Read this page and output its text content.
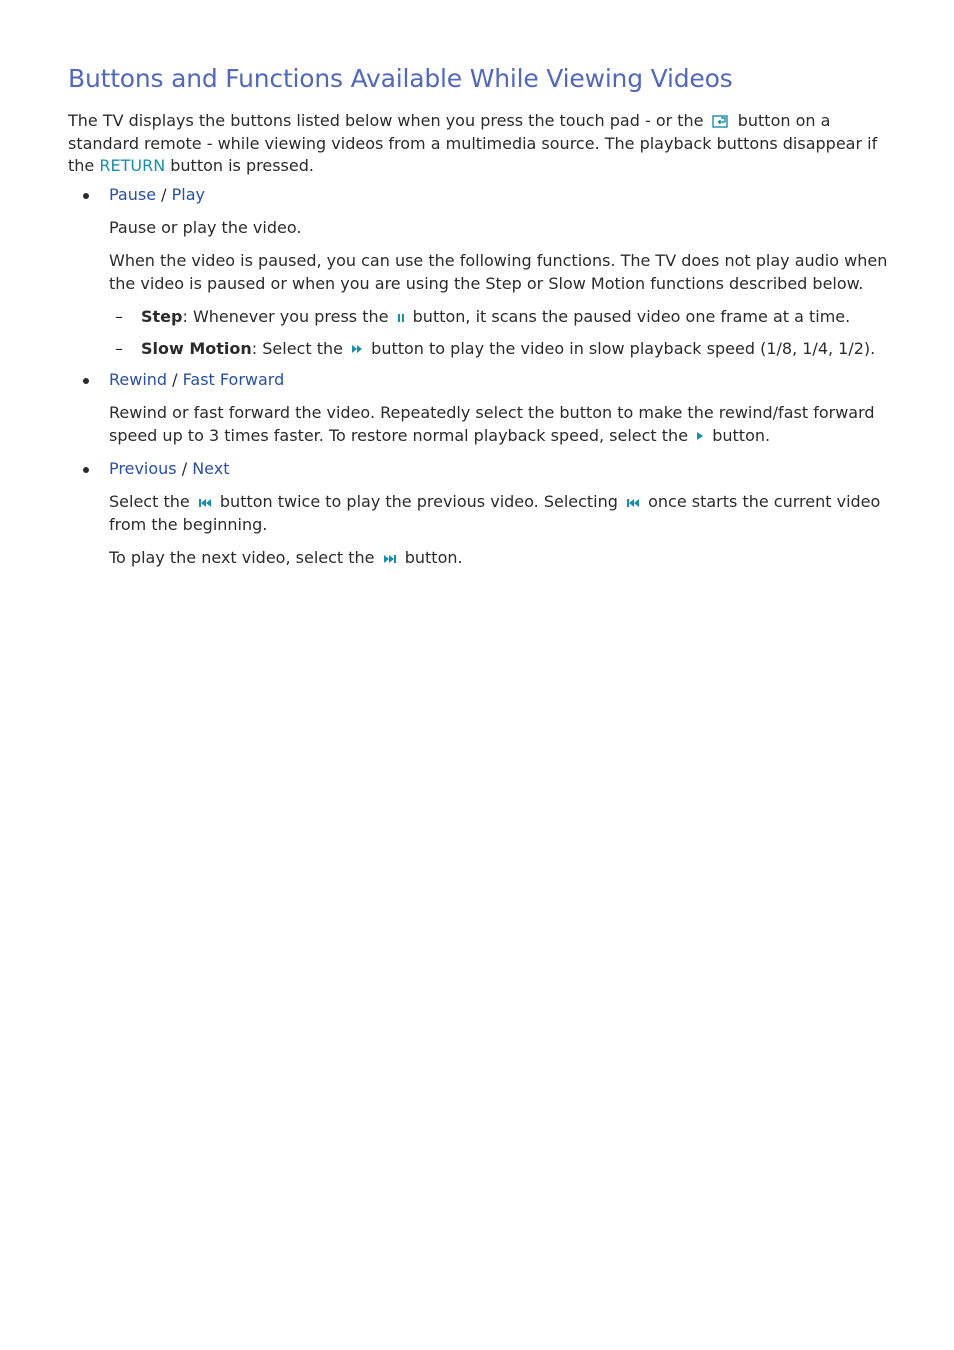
Buttons and Functions Available While Viewing Videos

The TV displays the buttons listed below when you press the touch pad - or the button on a standard remote - while viewing videos from a multimedia source. The playback buttons disappear if the RETURN button is pressed.

Pause / Play

Pause or play the video.

When the video is paused, you can use the following functions. The TV does not play audio when the video is paused or when you are using the Step or Slow Motion functions described below.

– Step: Whenever you press the button, it scans the paused video one frame at a time.

– Slow Motion: Select the button to play the video in slow playback speed (1/8, 1/4, 1/2).

Rewind / Fast Forward

Rewind or fast forward the video. Repeatedly select the button to make the rewind/fast forward speed up to 3 times faster. To restore normal playback speed, select the button.

Previous / Next

Select the button twice to play the previous video. Selecting once starts the current video from the beginning.

To play the next video, select the button.
